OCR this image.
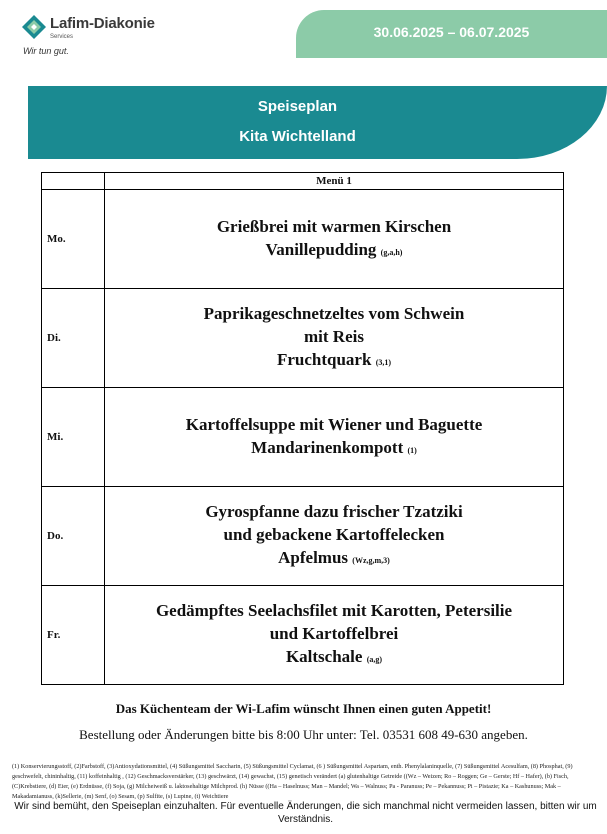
Lafim-Diakonie
Services
Wir tun gut.
30.06.2025 – 06.07.2025
Speiseplan
Kita Wichtelland
	Menü 1
Mo.	Grießbrei mit warmen Kirschen
Vanillepudding (g,a,h)

Di.	Paprikageschnetzeltes vom Schwein
mit Reis
Fruchtquark (3,1)

Mi.	Kartoffelsuppe mit Wiener und Baguette
Mandarinenkompott (1)

Do.	Gyrospfanne dazu frischer Tzatziki
und gebackene Kartoffelecken
Apfelmus (Wz,g,m,3)

Fr.	Gedämpftes Seelachsfilet mit Karotten, Petersilie
und Kartoffelbrei
Kaltschale (a,g)
Das Küchenteam der Wi-Lafim wünscht Ihnen einen guten Appetit!
Bestellung oder Änderungen bitte bis 8:00 Uhr unter: Tel. 03531 608 49-630 angeben.
(1) Konservierungsstoff, (2)Farbstoff, (3)Antioxydationsmittel, (4) Süßungsmittel Saccharin, (5) Süßungsmittel Cyclamat, (6 ) Süßungsmittel Aspartam, enth. Phenylalaninquelle, (7) Süßungsmittel Acesulfam, (8) Phosphat, (9) geschwefelt, chininhaltig, (11) koffeinhaltig , (12) Geschmacksverstärker, (13) geschwärzt, (14) gewachst, (15) genetisch verändert (a) glutenhaltige Getreide ((Wz – Weizen; Ro – Roggen; Ge – Gerste; Hf – Hafer), (b) Fisch, (C)Krebstiere, (d) Eier, (e) Erdnüsse, (f) Soja, (g) Milcheiweiß u. laktosehaltige Milchprod. (h) Nüsse ((Ha – Haselnuss; Man – Mandel; Wa – Walnuss; Pa - Paranuss; Pe – Pekannuss; Pi – Pistazie; Ka – Kashunuss; Mak – Makadamianuss, (k)Sellerie, (m) Senf, (o) Sesam, (p) Sulfite, (s) Lupine, (t) Weichtiere
Wir sind bemüht, den Speiseplan einzuhalten. Für eventuelle Änderungen, die sich manchmal nicht vermeiden lassen, bitten wir um Verständnis.
